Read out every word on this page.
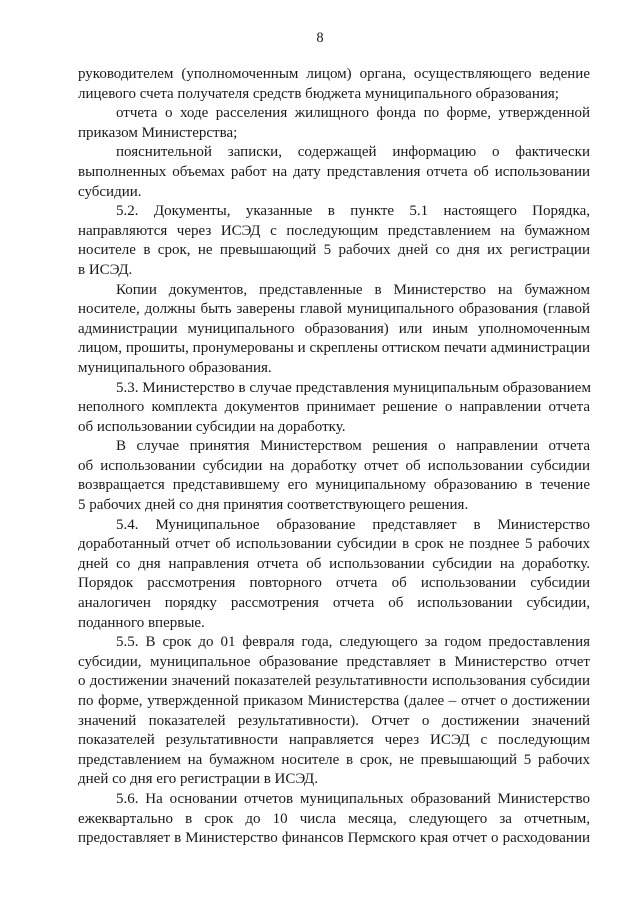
8
руководителем (уполномоченным лицом) органа, осуществляющего ведение
лицевого счета получателя средств бюджета муниципального образования;
отчета о ходе расселения жилищного фонда по форме, утвержденной
приказом Министерства;
пояснительной записки, содержащей информацию о фактически
выполненных объемах работ на дату представления отчета об использовании
субсидии.
5.2. Документы, указанные в пункте 5.1 настоящего Порядка,
направляются через ИСЭД с последующим представлением на бумажном
носителе в срок, не превышающий 5 рабочих дней со дня их регистрации
в ИСЭД.
Копии документов, представленные в Министерство на бумажном
носителе, должны быть заверены главой муниципального образования (главой
администрации муниципального образования) или иным уполномоченным
лицом, прошиты, пронумерованы и скреплены оттиском печати администрации
муниципального образования.
5.3. Министерство в случае представления муниципальным образованием
неполного комплекта документов принимает решение о направлении отчета
об использовании субсидии на доработку.
В случае принятия Министерством решения о направлении отчета
об использовании субсидии на доработку отчет об использовании субсидии
возвращается представившему его муниципальному образованию в течение
5 рабочих дней со дня принятия соответствующего решения.
5.4. Муниципальное образование представляет в Министерство
доработанный отчет об использовании субсидии в срок не позднее 5 рабочих
дней со дня направления отчета об использовании субсидии на доработку.
Порядок рассмотрения повторного отчета об использовании субсидии
аналогичен порядку рассмотрения отчета об использовании субсидии,
поданного впервые.
5.5. В срок до 01 февраля года, следующего за годом предоставления
субсидии, муниципальное образование представляет в Министерство отчет
о достижении значений показателей результативности использования субсидии
по форме, утвержденной приказом Министерства (далее – отчет о достижении
значений показателей результативности). Отчет о достижении значений
показателей результативности направляется через ИСЭД с последующим
представлением на бумажном носителе в срок, не превышающий 5 рабочих
дней со дня его регистрации в ИСЭД.
5.6. На основании отчетов муниципальных образований Министерство
ежеквартально в срок до 10 числа месяца, следующего за отчетным,
предоставляет в Министерство финансов Пермского края отчет о расходовании
